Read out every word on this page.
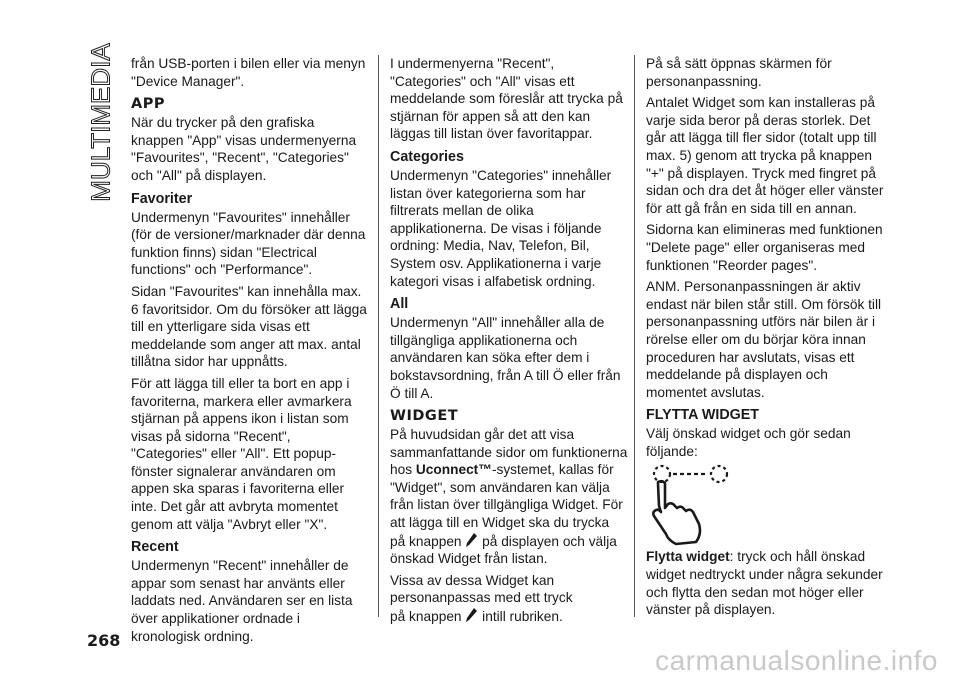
MULTIMEDIA från USB-porten i bilen eller via menyn "Device Manager".

APP

När du trycker på den grafiska knappen "App" visas undermenyerna "Favourites", "Recent", "Categories" och "All" på displayen.

Favoriter

Undermenyn "Favourites" innehåller (för de versioner/marknader där denna funktion finns) sidan "Electrical functions" och "Performance".

Sidan "Favourites" kan innehålla max. 6 favoritsidor. Om du försöker att lägga till en ytterligare sida visas ett meddelande som anger att max. antal tillåtna sidor har uppnåtts.

För att lägga till eller ta bort en app i favoriterna, markera eller avmarkera stjärnan på appens ikon i listan som visas på sidorna "Recent", "Categories" eller "All". Ett popup-fönster signalerar användaren om appen ska sparas i favoriterna eller inte. Det går att avbryta momentet genom att välja "Avbryt eller "X".

Recent

Undermenyn "Recent" innehåller de appar som senast har använts eller laddats ned. Användaren ser en lista över applikationer ordnade i kronologisk ordning.

I undermenyerna "Recent", "Categories" och "All" visas ett meddelande som föreslår att trycka på stjärnan för appen så att den kan läggas till listan över favoritappar.

Categories

Undermenyn "Categories" innehåller listan över kategorierna som har filtrerats mellan de olika applikationerna. De visas i följande ordning: Media, Nav, Telefon, Bil, System osv. Applikationerna i varje kategori visas i alfabetisk ordning.

All

Undermenyn "All" innehåller alla de tillgängliga applikationerna och användaren kan söka efter dem i bokstavsordning, från A till Ö eller från Ö till A.

WIDGET

På huvudsidan går det att visa sammanfattande sidor om funktionerna hos Uconnect™-systemet, kallas för "Widget", som användaren kan välja från listan över tillgängliga Widget. För att lägga till en Widget ska du trycka
på knappen  på displayen och välja önskad Widget från listan.

Vissa av dessa Widget kan personanpassas med ett tryck
på knappen  intill rubriken.

På så sätt öppnas skärmen för personanpassning.

Antalet Widget som kan installeras på varje sida beror på deras storlek. Det går att lägga till fler sidor (totalt upp till max. 5) genom att trycka på knappen "+" på displayen. Tryck med fingret på sidan och dra det åt höger eller vänster för att gå från en sida till en annan.

Sidorna kan elimineras med funktionen "Delete page" eller organiseras med funktionen "Reorder pages".

ANM. Personanpassningen är aktiv endast när bilen står still. Om försök till personanpassning utförs när bilen är i rörelse eller om du börjar köra innan proceduren har avslutats, visas ett meddelande på displayen och momentet avslutas.

FLYTTA WIDGET

Välj önskad widget och gör sedan följande:

Flytta widget: tryck och håll önskad widget nedtryckt under några sekunder och flytta den sedan mot höger eller vänster på displayen.

268
carmanualsonline.info
